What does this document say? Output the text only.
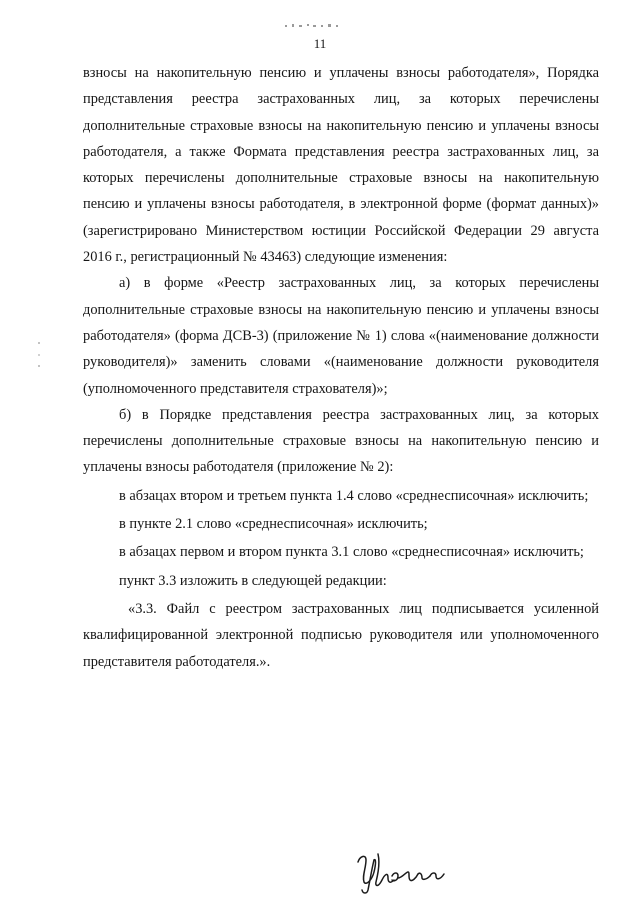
11

взносы на накопительную пенсию и уплачены взносы работодателя», Порядка представления реестра застрахованных лиц, за которых перечислены дополнительные страховые взносы на накопительную пенсию и уплачены взносы работодателя, а также Формата представления реестра застрахованных лиц, за которых перечислены дополнительные страховые взносы на накопительную пенсию и уплачены взносы работодателя, в электронной форме (формат данных)» (зарегистрировано Министерством юстиции Российской Федерации 29 августа 2016 г., регистрационный № 43463) следующие изменения:

а) в форме «Реестр застрахованных лиц, за которых перечислены дополнительные страховые взносы на накопительную пенсию и уплачены взносы работодателя» (форма ДСВ-3) (приложение № 1) слова «(наименование должности руководителя)» заменить словами «(наименование должности руководителя (уполномоченного представителя страхователя)»;

б) в Порядке представления реестра застрахованных лиц, за которых перечислены дополнительные страховые взносы на накопительную пенсию и уплачены взносы работодателя (приложение № 2):

в абзацах втором и третьем пункта 1.4 слово «среднесписочная» исключить;

в пункте 2.1 слово «среднесписочная» исключить;

в абзацах первом и втором пункта 3.1 слово «среднесписочная» исключить;

пункт 3.3 изложить в следующей редакции:

«3.3. Файл с реестром застрахованных лиц подписывается усиленной квалифицированной электронной подписью руководителя или уполномоченного представителя работодателя.».
